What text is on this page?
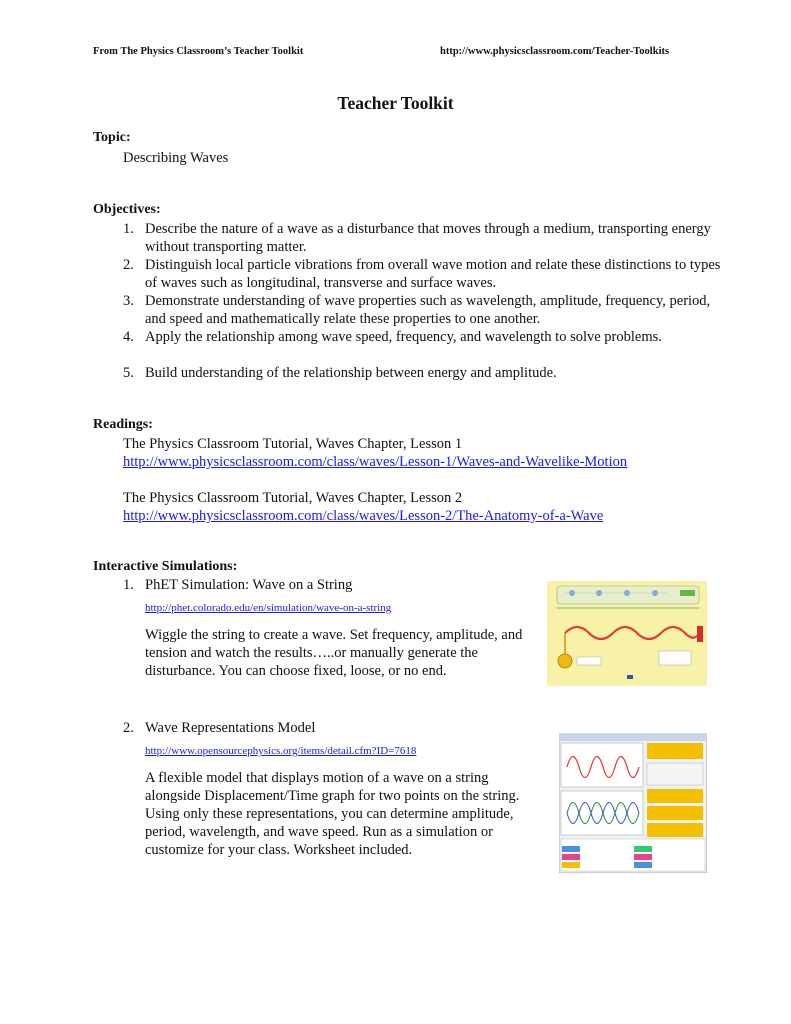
From The Physics Classroom’s Teacher Toolkit	http://www.physicsclassroom.com/Teacher-Toolkits
Teacher Toolkit
Topic:
Describing Waves
Objectives:
1. Describe the nature of a wave as a disturbance that moves through a medium, transporting energy without transporting matter.
2. Distinguish local particle vibrations from overall wave motion and relate these distinctions to types of waves such as longitudinal, transverse and surface waves.
3. Demonstrate understanding of wave properties such as wavelength, amplitude, frequency, period, and speed and mathematically relate these properties to one another.
4. Apply the relationship among wave speed, frequency, and wavelength to solve problems.
5. Build understanding of the relationship between energy and amplitude.
Readings:
The Physics Classroom Tutorial, Waves Chapter, Lesson 1
http://www.physicsclassroom.com/class/waves/Lesson-1/Waves-and-Wavelike-Motion
The Physics Classroom Tutorial, Waves Chapter, Lesson 2
http://www.physicsclassroom.com/class/waves/Lesson-2/The-Anatomy-of-a-Wave
Interactive Simulations:
1. PhET Simulation: Wave on a String
http://phet.colorado.edu/en/simulation/wave-on-a-string
Wiggle the string to create a wave. Set frequency, amplitude, and tension and watch the results…..or manually generate the disturbance. You can choose fixed, loose, or no end.
2. Wave Representations Model
http://www.opensourcephysics.org/items/detail.cfm?ID=7618
A flexible model that displays motion of a wave on a string alongside Displacement/Time graph for two points on the string. Using only these representations, you can determine amplitude, period, wavelength, and wave speed. Run as a simulation or customize for your class. Worksheet included.
